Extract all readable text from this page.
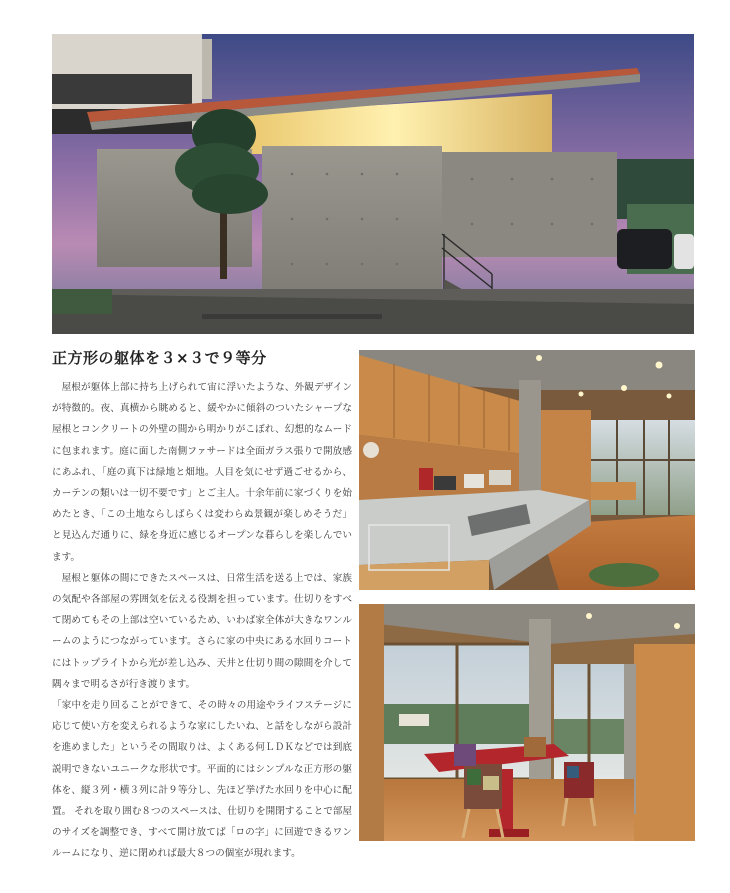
正方形の躯体を３×３で９等分

屋根が躯体上部に持ち上げられて宙に浮いたような、外観デザインが特徴的。夜、真横から眺めると、緩やかに傾斜のついたシャープな屋根とコンクリートの外壁の間から明かりがこぼれ、幻想的なムードに包まれます。庭に面した南側ファサードは全面ガラス張りで開放感にあふれ、「庭の真下は緑地と畑地。人目を気にせず過ごせるから、カーテンの類いは一切不要です」とご主人。十余年前に家づくりを始めたとき、「この土地ならしばらくは変わらぬ景観が楽しめそうだ」と見込んだ通りに、緑を身近に感じるオープンな暮らしを楽しんでいます。

屋根と躯体の間にできたスペースは、日常生活を送る上では、家族の気配や各部屋の雰囲気を伝える役割を担っています。仕切りをすべて閉めてもその上部は空いているため、いわば家全体が大きなワンルームのようにつながっています。さらに家の中央にある水回りコートにはトップライトから光が差し込み、天井と仕切り間の隙間を介して隅々まで明るさが行き渡ります。

「家中を走り回ることができて、その時々の用途やライフステージに応じて使い方を変えられるような家にしたいね、と話をしながら設計を進めました」というその間取りは、よくある何ＬＤＫなどでは到底説明できないユニークな形状です。平面的にはシンプルな正方形の躯体を、縦３列・横３列に計９等分し、先ほど挙げた水回りを中心に配置。 それを取り囲む８つのスペースは、仕切りを開閉することで部屋のサイズを調整でき、すべて開け放てば「ロの字」に回遊できるワンルームになり、逆に閉めれば最大８つの個室が現れます。
